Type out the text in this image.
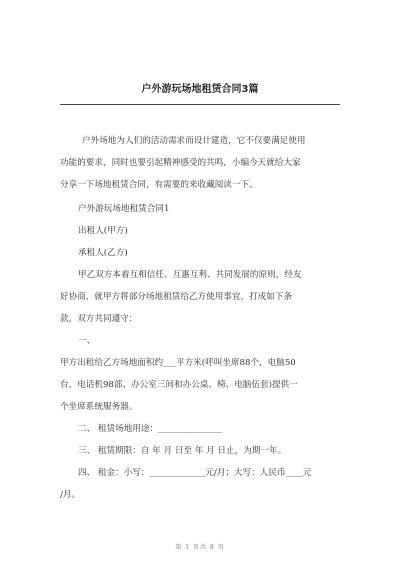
户外游玩场地租赁合同3篇

户外场地为人们的活动需求而设计建造，它不仅要满足使用

功能的要求，同时也要引起精神感受的共鸣，小编今天就给大家

分享一下场地租赁合同，有需要的来收藏阅读一下。

户外游玩场地租赁合同1

出租人(甲方)

承租人(乙方)

甲乙双方本着互相信任、互惠互利、共同发展的原则，经友

好协商，就甲方将部分场地租赁给乙方使用事宜，打成如下条

款，双方共同遵守：

一、

甲方出租给乙方场地面积约___平方米(呼叫坐席88个，电脑50

台，电话机98部、办公室三间和办公桌、椅、电脑伍套)提供一

个坐席系统服务器。

二、 租赁场地用途：_______________

三、 租赁期限：自 年 月 日至 年 月 日止，为期一年。

四、 租金：小写：_____________元/月；大写：人民币____元

/月。

第 1 页共 8 页
